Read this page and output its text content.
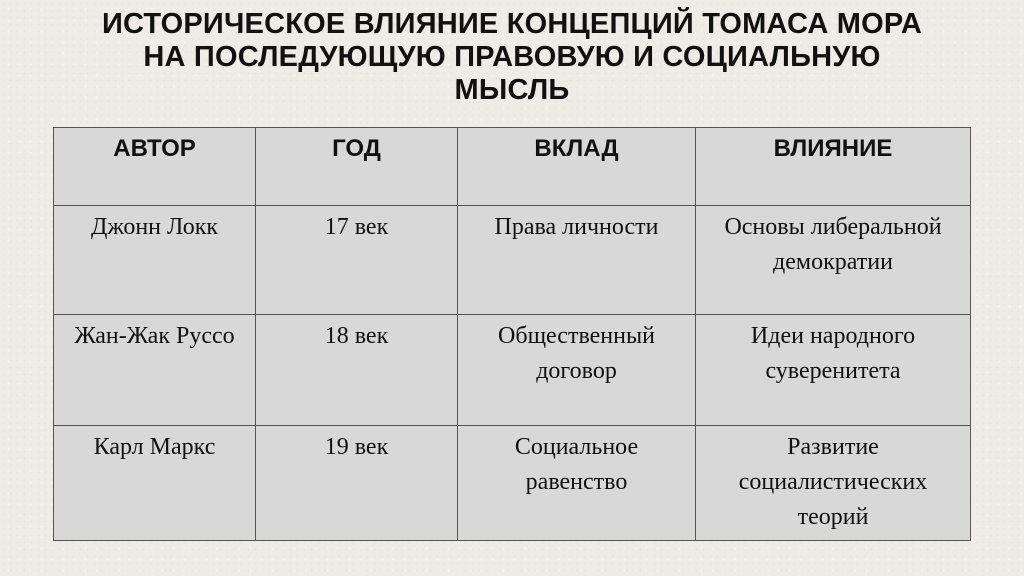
ИСТОРИЧЕСКОЕ ВЛИЯНИЕ КОНЦЕПЦИЙ ТОМАСА МОРА
НА ПОСЛЕДУЮЩУЮ ПРАВОВУЮ И СОЦИАЛЬНУЮ
МЫСЛЬ
АВТОР	ГОД	ВКЛАД	ВЛИЯНИЕ
Джонн Локк	17 век	Права личности	Основы либеральной демократии
Жан-Жак Руссо	18 век	Общественный договор	Идеи народного суверенитета
Карл Маркс	19 век	Социальное равенство	Развитие социалистических теорий
